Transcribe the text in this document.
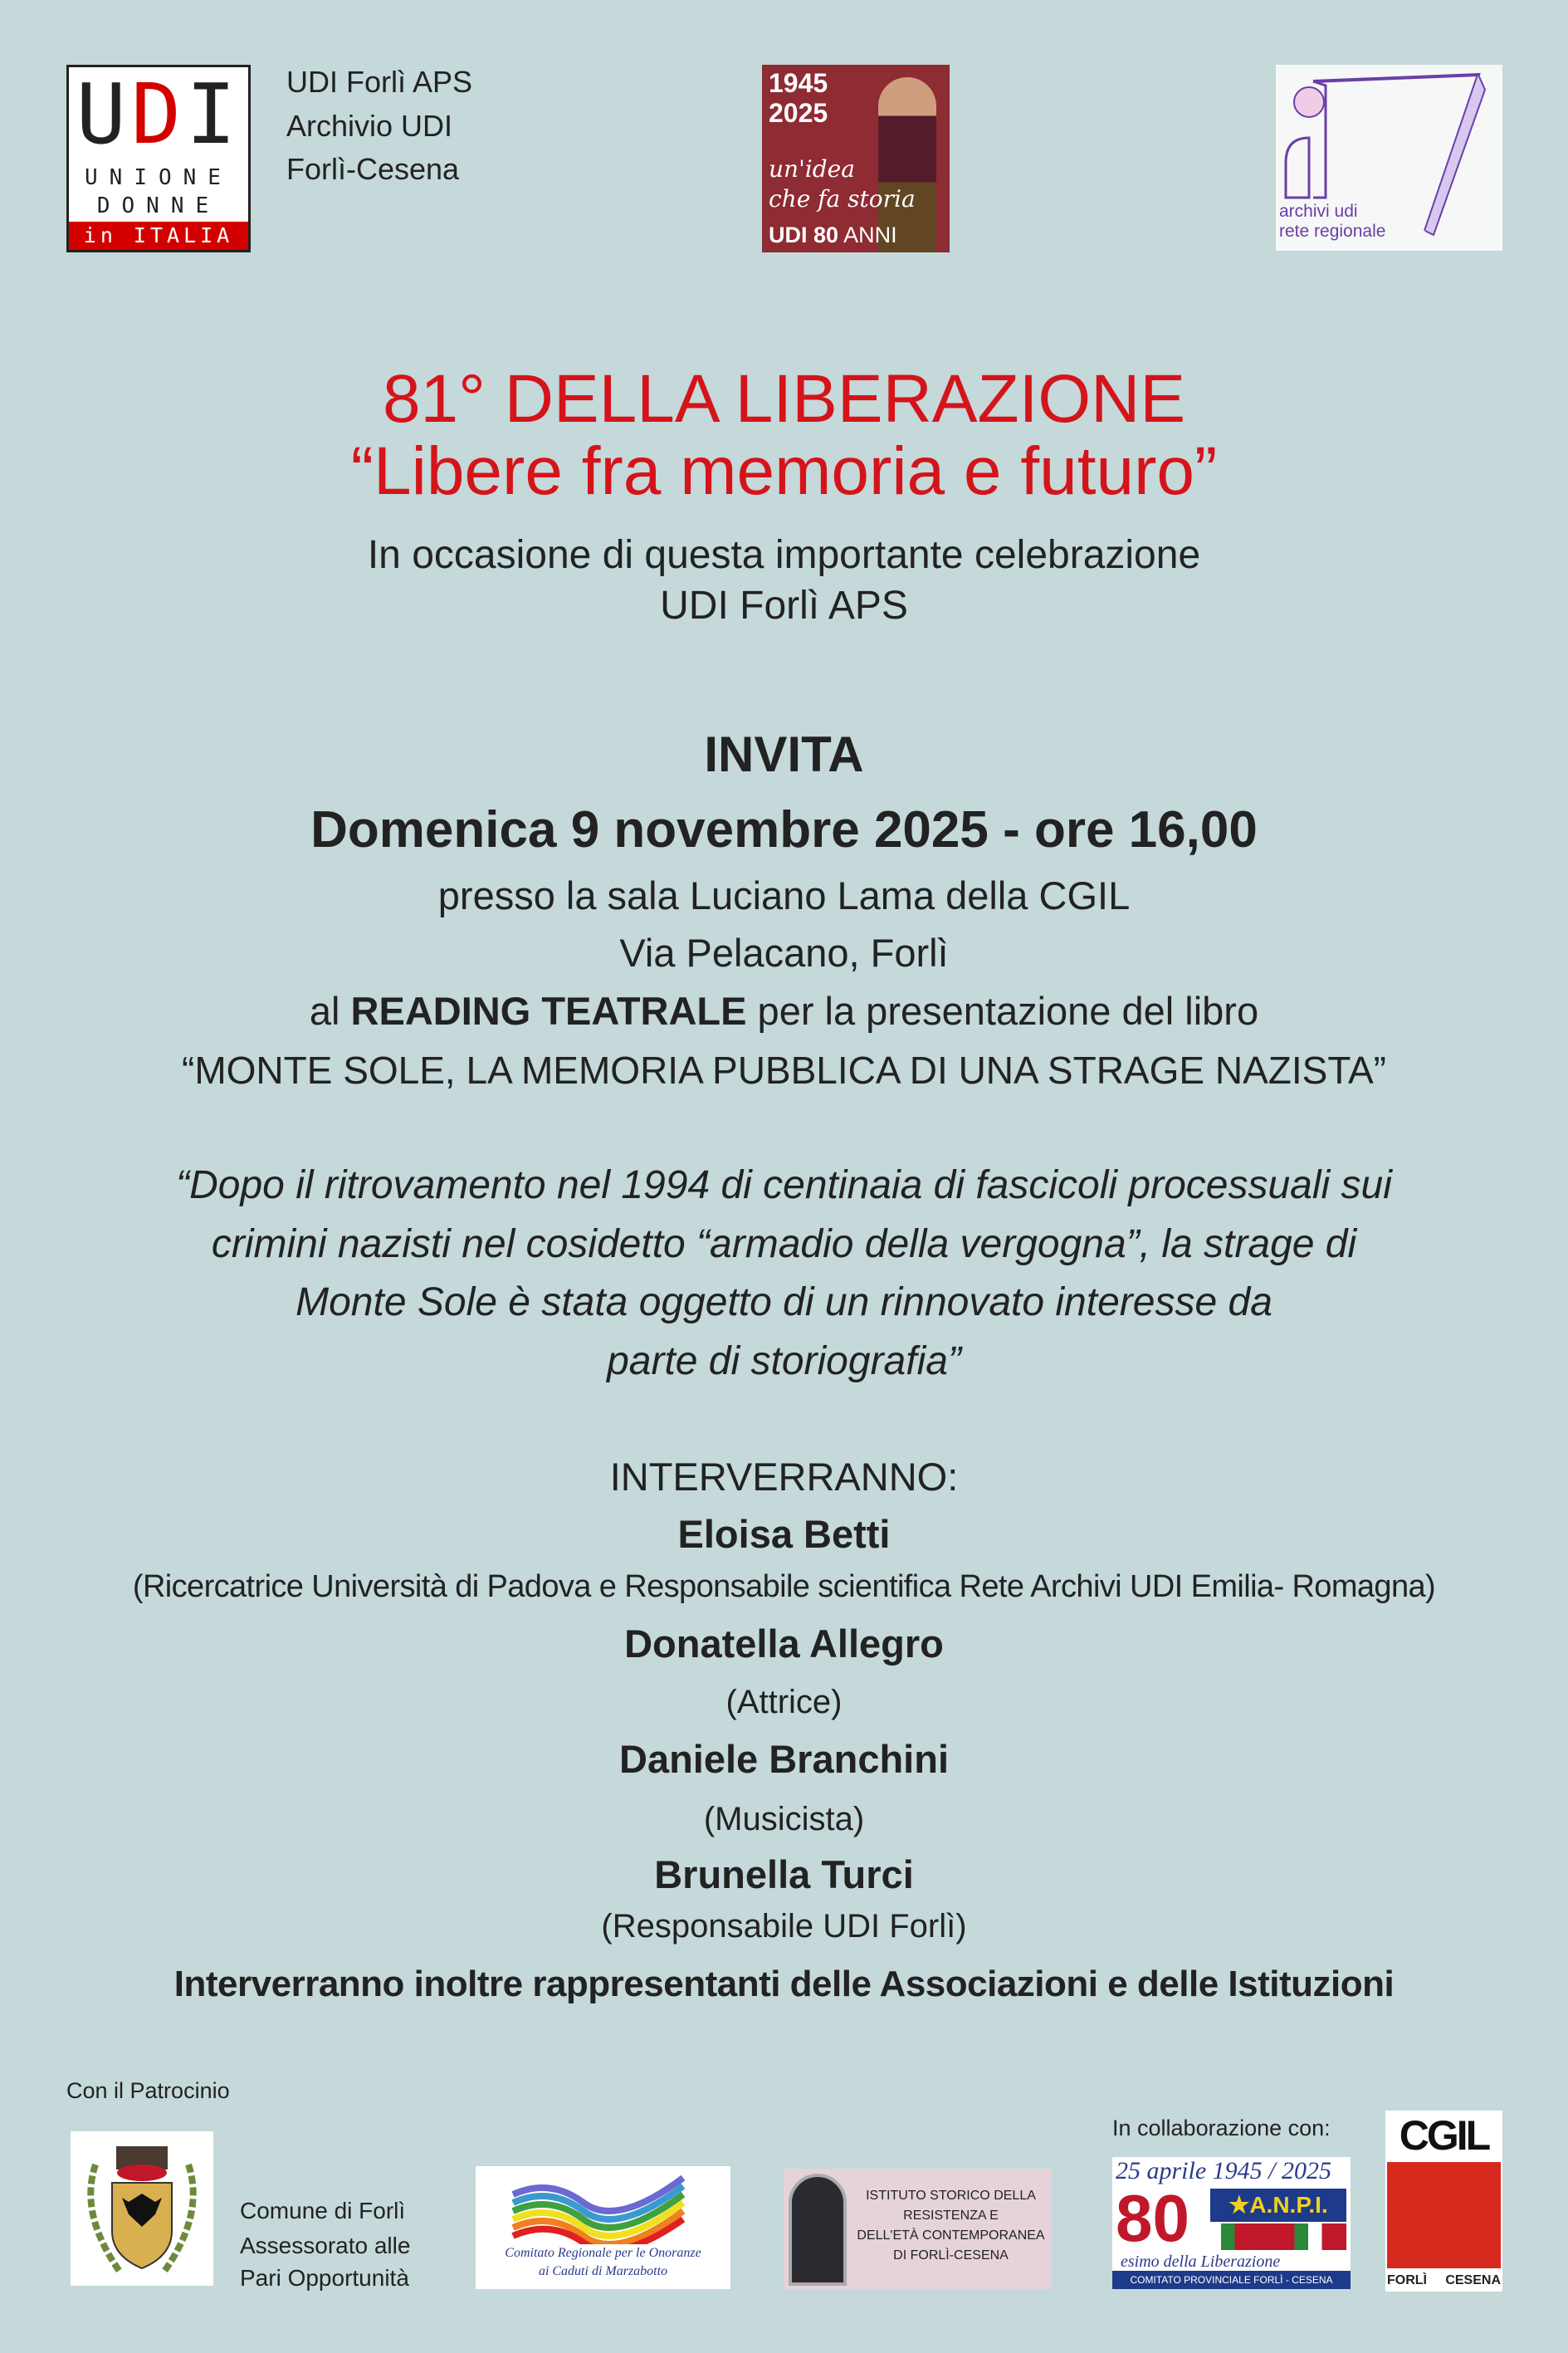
UDI
UNIONE
DONNE
in ITALIA
UDI Forlì APS
Archivio UDI
Forlì-Cesena
1945
2025
un'idea
che fa storia
UDI 80 ANNI
archivi udi
rete regionale
81° DELLA LIBERAZIONE
“Libere fra memoria e futuro”
In occasione di questa importante celebrazione
UDI Forlì APS
INVITA
Domenica 9 novembre 2025 - ore 16,00
presso la sala Luciano Lama della CGIL
Via Pelacano, Forlì
al READING TEATRALE per la presentazione del libro
“MONTE SOLE, LA MEMORIA PUBBLICA DI UNA STRAGE NAZISTA”
“Dopo il ritrovamento nel 1994 di centinaia di fascicoli processuali sui
crimini nazisti nel cosidetto “armadio della vergogna”, la strage di
Monte Sole è stata oggetto di un rinnovato interesse da
parte di storiografia”
INTERVERRANNO:
Eloisa Betti
(Ricercatrice Università di Padova e Responsabile scientifica Rete Archivi UDI Emilia- Romagna)
Donatella Allegro
(Attrice)
Daniele Branchini
(Musicista)
Brunella Turci
(Responsabile UDI Forlì)
Interverranno inoltre rappresentanti delle Associazioni e delle Istituzioni
Con il Patrocinio
Comune di Forlì
Assessorato alle
Pari Opportunità
Comitato Regionale per le Onoranze
ai Caduti di Marzabotto
ISTITUTO STORICO DELLA
RESISTENZA E
DELL'ETÀ CONTEMPORANEA
DI FORLÌ-CESENA
In collaborazione con:
25 aprile 1945 / 2025
80	★A.N.P.I.
esimo della Liberazione
COMITATO PROVINCIALE FORLÌ - CESENA
CGIL
FORLÌ CESENA
